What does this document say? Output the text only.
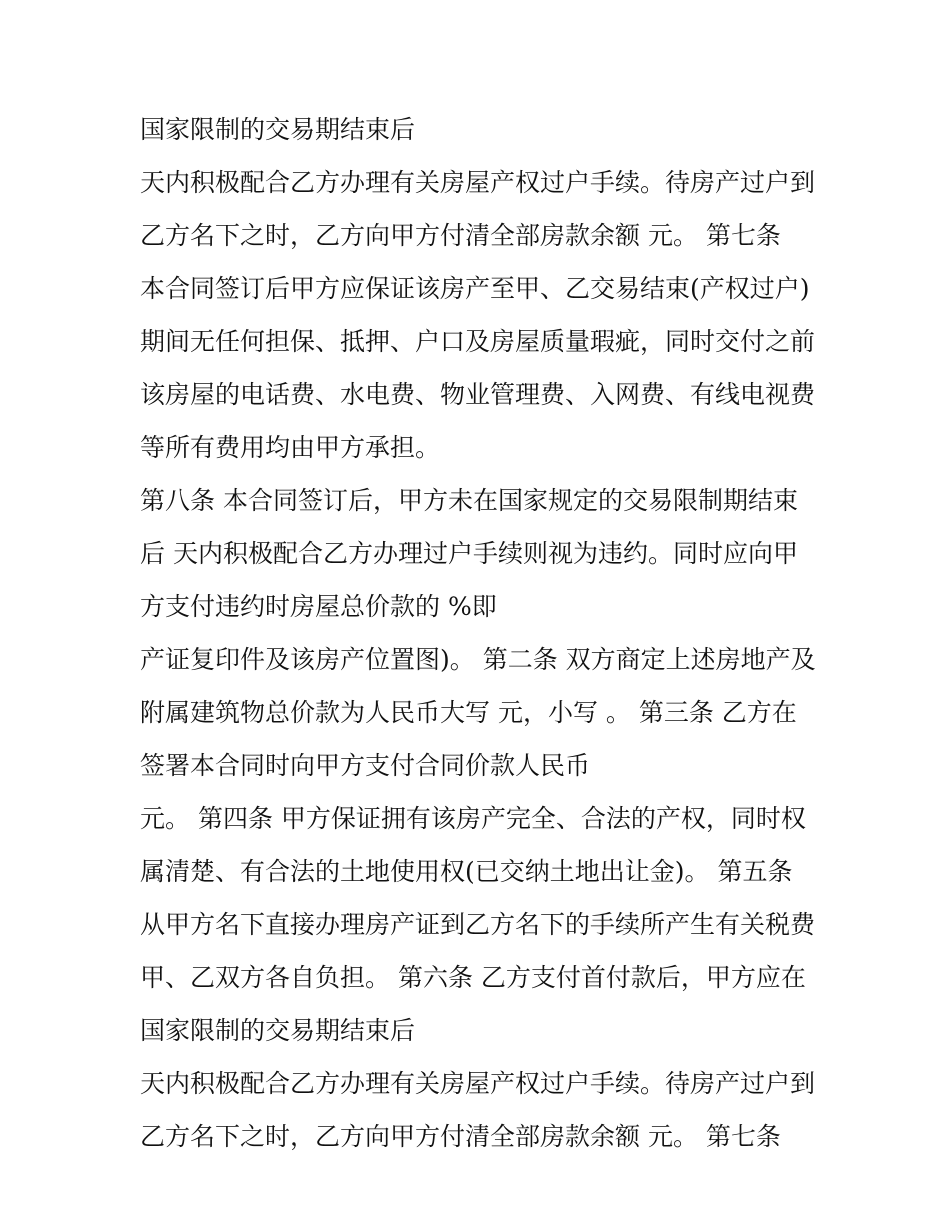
国家限制的交易期结束后
天内积极配合乙方办理有关房屋产权过户手续。待房产过户到
乙方名下之时，乙方向甲方付清全部房款余额 元。 第七条
本合同签订后甲方应保证该房产至甲、乙交易结束(产权过户)
期间无任何担保、抵押、户口及房屋质量瑕疵，同时交付之前
该房屋的电话费、水电费、物业管理费、入网费、有线电视费
等所有费用均由甲方承担。
第八条 本合同签订后，甲方未在国家规定的交易限制期结束
后 天内积极配合乙方办理过户手续则视为违约。同时应向甲
方支付违约时房屋总价款的 %即
产证复印件及该房产位置图)。 第二条 双方商定上述房地产及
附属建筑物总价款为人民币大写 元，小写 。 第三条 乙方在
签署本合同时向甲方支付合同价款人民币
元。 第四条 甲方保证拥有该房产完全、合法的产权，同时权
属清楚、有合法的土地使用权(已交纳土地出让金)。 第五条
从甲方名下直接办理房产证到乙方名下的手续所产生有关税费
甲、乙双方各自负担。 第六条 乙方支付首付款后，甲方应在
国家限制的交易期结束后
天内积极配合乙方办理有关房屋产权过户手续。待房产过户到
乙方名下之时，乙方向甲方付清全部房款余额 元。 第七条
